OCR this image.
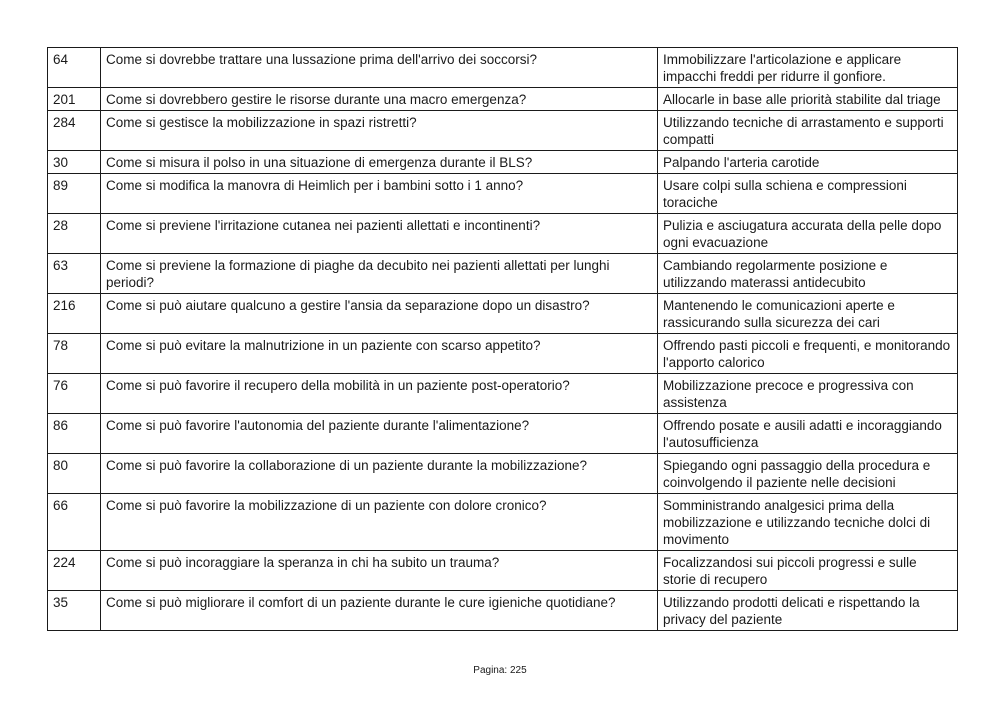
64	Come si dovrebbe trattare una lussazione prima dell'arrivo dei soccorsi?	Immobilizzare l'articolazione e applicare impacchi freddi per ridurre il gonfiore.
201	Come si dovrebbero gestire le risorse durante una macro emergenza?	Allocarle in base alle priorità stabilite dal triage
284	Come si gestisce la mobilizzazione in spazi ristretti?	Utilizzando tecniche di arrastamento e supporti compatti
30	Come si misura il polso in una situazione di emergenza durante il BLS?	Palpando l'arteria carotide
89	Come si modifica la manovra di Heimlich per i bambini sotto i 1 anno?	Usare colpi sulla schiena e compressioni toraciche
28	Come si previene l'irritazione cutanea nei pazienti allettati e incontinenti?	Pulizia e asciugatura accurata della pelle dopo ogni evacuazione
63	Come si previene la formazione di piaghe da decubito nei pazienti allettati per lunghi periodi?	Cambiando regolarmente posizione e utilizzando materassi antidecubito
216	Come si può aiutare qualcuno a gestire l'ansia da separazione dopo un disastro?	Mantenendo le comunicazioni aperte e rassicurando sulla sicurezza dei cari
78	Come si può evitare la malnutrizione in un paziente con scarso appetito?	Offrendo pasti piccoli e frequenti, e monitorando l'apporto calorico
76	Come si può favorire il recupero della mobilità in un paziente post-operatorio?	Mobilizzazione precoce e progressiva con assistenza
86	Come si può favorire l'autonomia del paziente durante l'alimentazione?	Offrendo posate e ausili adatti e incoraggiando l'autosufficienza
80	Come si può favorire la collaborazione di un paziente durante la mobilizzazione?	Spiegando ogni passaggio della procedura e coinvolgendo il paziente nelle decisioni
66	Come si può favorire la mobilizzazione di un paziente con dolore cronico?	Somministrando analgesici prima della mobilizzazione e utilizzando tecniche dolci di movimento
224	Come si può incoraggiare la speranza in chi ha subito un trauma?	Focalizzandosi sui piccoli progressi e sulle storie di recupero
35	Come si può migliorare il comfort di un paziente durante le cure igieniche quotidiane?	Utilizzando prodotti delicati e rispettando la privacy del paziente
Pagina: 225
